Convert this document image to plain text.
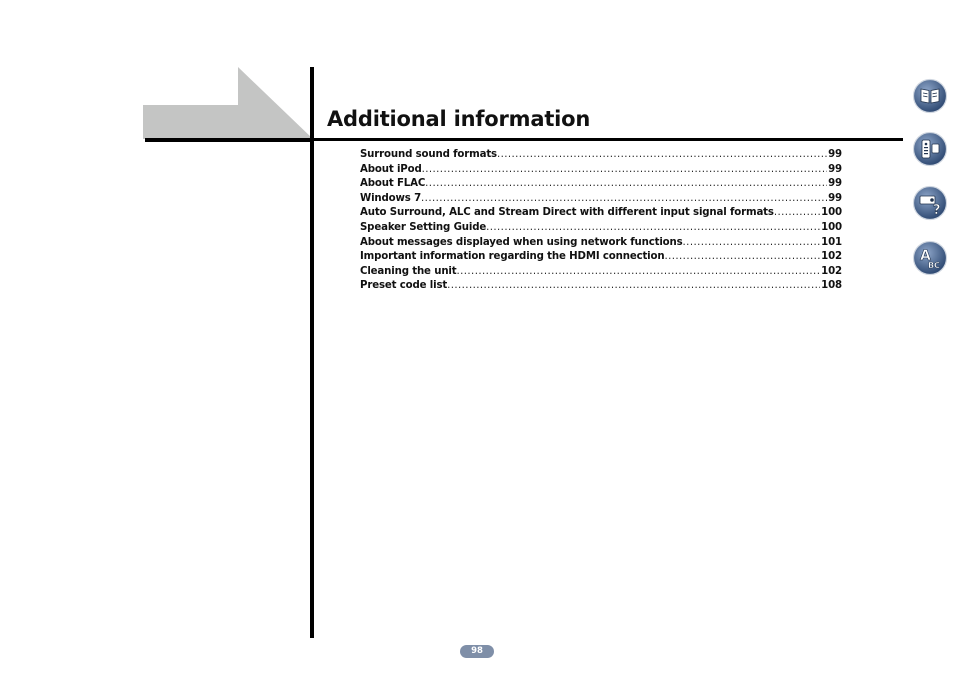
Additional information
Surround sound formats .....	99
About iPod .....	99
About FLAC .....	99
Windows 7 .....	99
Auto Surround, ALC and Stream Direct with different input signal formats .....	100
Speaker Setting Guide .....	100
About messages displayed when using network functions .....	101
Important information regarding the HDMI connection .....	102
Cleaning the unit .....	102
Preset code list .....	108
?
A
B C
98
